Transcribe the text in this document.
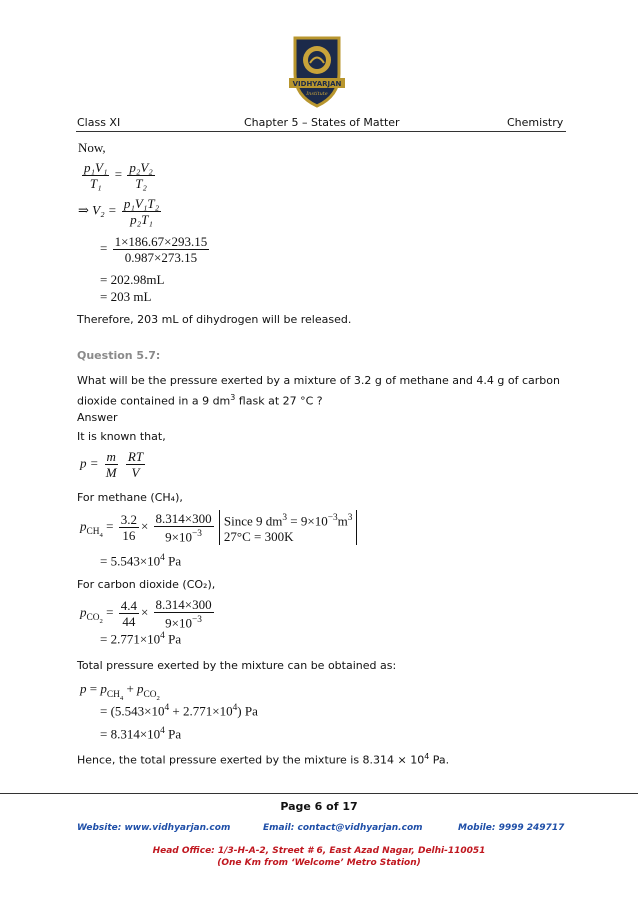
VIDHYARJAN
Institute
Class XI	Chapter 5 – States of Matter	Chemistry
Now,
$\frac{\text{p₁V₁}}{\text{T₁}} = \frac{\text{p₂V₂}}{\text{T₂}}$
⇒ $V_2 = \frac{\text{p₁V₁T₂}}{\text{p₂T₁}}$
= $\frac{1\times 186.67\times 293.15}{0.987\times 273.15}$
= 202.98mL
= 203 mL
Therefore, 203 mL of dihydrogen will be released.
Question 5.7:
What will be the pressure exerted by a mixture of 3.2 g of methane and 4.4 g of carbon
dioxide contained in a 9 $dm^3$ flask at 27 °C ?
Answer
It is known that,
$p = \frac{m}{M}$
$\frac{RT}{V}$
For methane (CH₄),
$p_{CH_4} = \frac{3.2}{16} \times \frac{8.314\times 300}{9\times 10^{-3}}$ Since 9 $dm^3 = 9\times 10^{-3}m^3$
27°C = 300K
= $5.543\times 10^4$ Pa
For carbon dioxide (CO₂),
$p_{CO_2} = \frac{4.4}{44} \times \frac{8.314\times 300}{9\times 10^{-3}}$
= $2.771\times 10^4$ Pa
Total pressure exerted by the mixture can be obtained as:
$p = p_{CH_4} + p_{CO_2}$
= $(5.543\times 10^4 + 2.771\times 10^4)$ Pa
= $8.314\times 10^4$ Pa
Hence, the total pressure exerted by the mixture is $8.314 \times 10^4$ Pa.
Page 6 of 17
Website: www.vidhyarjan.com	Email: contact@vidhyarjan.com	Mobile: 9999 249717
Head Office: 1/3-H-A-2, Street # 6, East Azad Nagar, Delhi-110051
(One Km from ‘Welcome’ Metro Station)
